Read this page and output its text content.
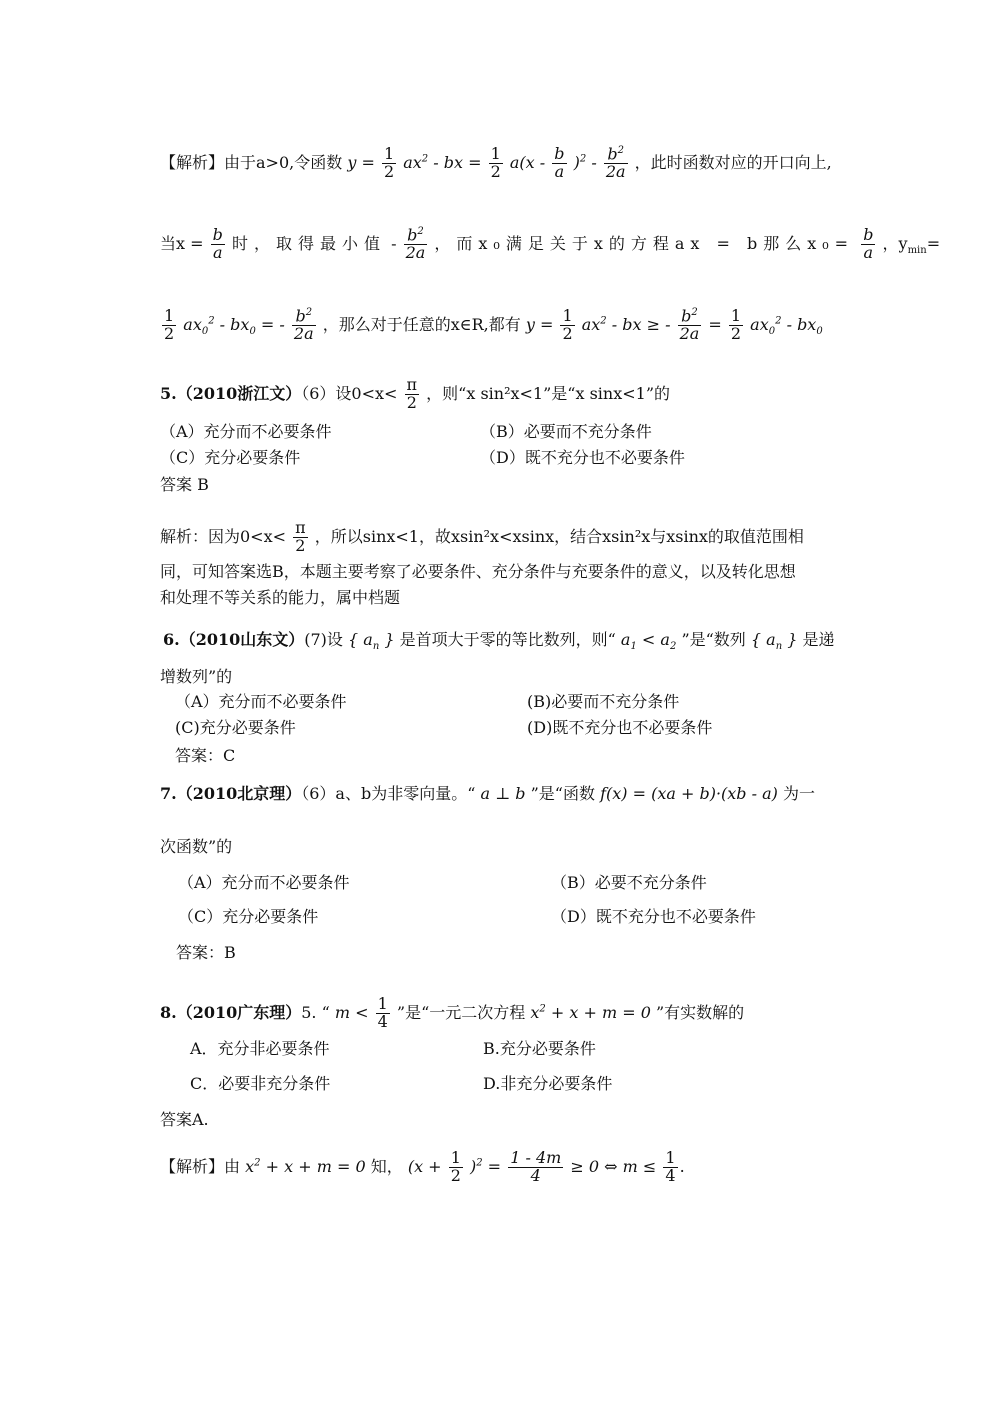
【解析】由于a>0,令函数 $y = \frac{1}{2} ax^2$ - bx = $\frac{1}{2} a(x - \frac{b}{a} )^2 - \frac{b^2}{2a}$ ，此时函数对应的开口向上,
当$x = \frac{b}{a}$ 时，取得最小值 - $\frac{b^2}{2a}$ ，而x₀满足关于x的方程ax = b那么$x_0= \frac{b}{a}$ ，$y_{min}=$
$\frac{1}{2} ax_0^2 - bx_0$ = - $\frac{b^2}{2a}$ ，那么对于任意的x∈R,都有 $y = \frac{1}{2} ax^2$ - bx ≥ - $\frac{b^2}{2a} = \frac{1}{2} ax_0^2 - bx_0$
5.（2010浙江文）（6）设$0<x< \frac{\pi}{2}$ ，则“x sin²x<1”是“x sinx<1”的
（A）充分而不必要条件	（B）必要而不充分条件
（C）充分必要条件	（D）既不充分也不必要条件
答案 B
解析：因为$0<x< \frac{\pi}{2}$ ，所以sinx<1，故xsin²x<xsinx，结合xsin²x与xsinx的取值范围相
同，可知答案选B，本题主要考察了必要条件、充分条件与充要条件的意义，以及转化思想
和处理不等关系的能力，属中档题
6.（2010山东文）(7)设 { $a_n$ } 是首项大于零的等比数列，则“ $a_1 < a_2$ ”是“数列 { $a_n$ } 是递
增数列”的
（A）充分而不必要条件	(B)必要而不充分条件
(C)充分必要条件	(D)既不充分也不必要条件
答案：C
7.（2010北京理）（6）a、b为非零向量。“ a ⊥ b ”是“函数 f(x) = (xa + b)·(xb - a) 为一
次函数”的
（A）充分而不必要条件	（B）必要不充分条件
（C）充分必要条件	（D）既不充分也不必要条件
答案：B
8.（2010广东理）5. “ $m < \frac{1}{4}$ ”是“一元二次方程 $x^2 + x + m = 0$ ”有实数解的
A．充分非必要条件	B.充分必要条件
C．必要非充分条件	D.非充分必要条件
答案A.
【解析】由 $x^2 + x + m = 0$ 知， $(x + \frac{1}{2} )^2 = \frac{1 - 4m}{4} \ge 0$ ⇔ $m \le \frac{1}{4}$ .
